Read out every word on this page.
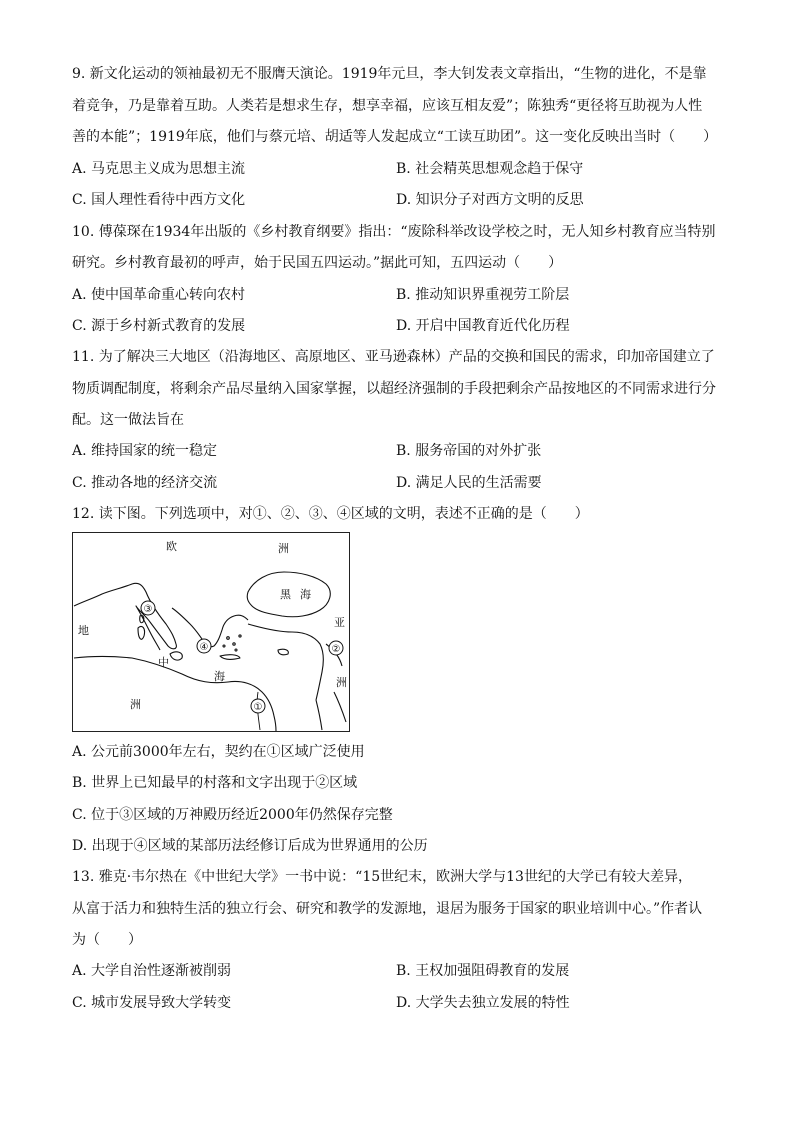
9. 新文化运动的领袖最初无不服膺天演论。1919年元旦，李大钊发表文章指出，“生物的进化，不是靠
着竞争，乃是靠着互助。人类若是想求生存，想享幸福，应该互相友爱”；陈独秀“更径将互助视为人性
善的本能”；1919年底，他们与蔡元培、胡适等人发起成立“工读互助团”。这一变化反映出当时（　　）
A. 马克思主义成为思想主流	B. 社会精英思想观念趋于保守
C. 国人理性看待中西方文化	D. 知识分子对西方文明的反思
10. 傅葆琛在1934年出版的《乡村教育纲要》指出：“废除科举改设学校之时，无人知乡村教育应当特别
研究。乡村教育最初的呼声，始于民国五四运动。”据此可知，五四运动（　　）
A. 使中国革命重心转向农村	B. 推动知识界重视劳工阶层
C. 源于乡村新式教育的发展	D. 开启中国教育近代化历程
11. 为了解决三大地区（沿海地区、高原地区、亚马逊森林）产品的交换和国民的需求，印加帝国建立了
物质调配制度，将剩余产品尽量纳入国家掌握，以超经济强制的手段把剩余产品按地区的不同需求进行分
配。这一做法旨在
A. 维持国家的统一稳定	B. 服务帝国的对外扩张
C. 推动各地的经济交流	D. 满足人民的生活需要
12. 读下图。下列选项中，对①、②、③、④区域的文明，表述不正确的是（　　）
欧	洲
黑 海
亚
地
中
海	洲
洲
③
④	②
①
A. 公元前3000年左右，契约在①区域广泛使用
B. 世界上已知最早的村落和文字出现于②区域
C. 位于③区域的万神殿历经近2000年仍然保存完整
D. 出现于④区域的某部历法经修订后成为世界通用的公历
13. 雅克·韦尔热在《中世纪大学》一书中说：“15世纪末，欧洲大学与13世纪的大学已有较大差异，
从富于活力和独特生活的独立行会、研究和教学的发源地，退居为服务于国家的职业培训中心。”作者认
为（　　）
A. 大学自治性逐渐被削弱	B. 王权加强阻碍教育的发展
C. 城市发展导致大学转变	D. 大学失去独立发展的特性
